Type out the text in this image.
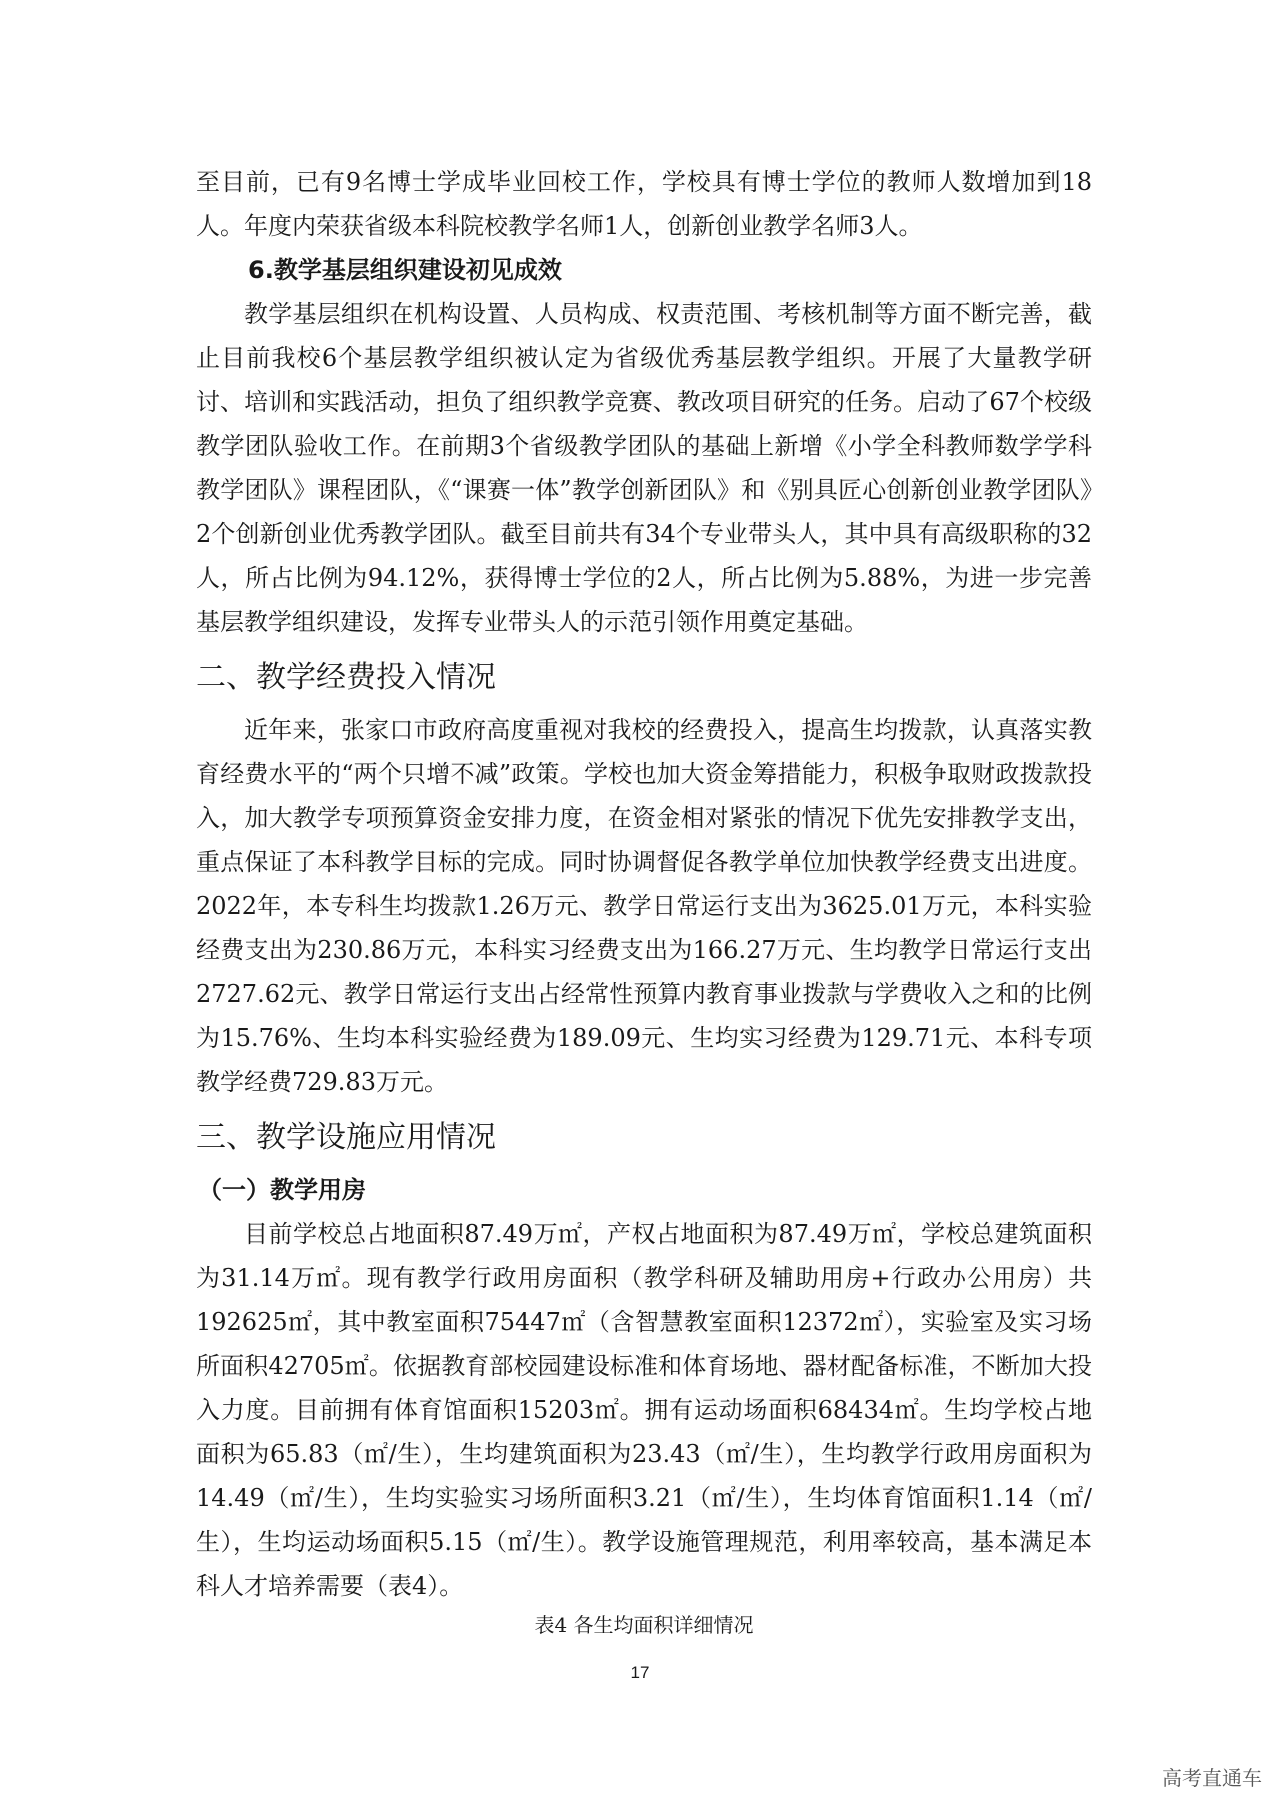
至目前，已有9名博士学成毕业回校工作，学校具有博士学位的教师人数增加到18人。年度内荣获省级本科院校教学名师1人，创新创业教学名师3人。

6.教学基层组织建设初见成效

教学基层组织在机构设置、人员构成、权责范围、考核机制等方面不断完善，截止目前我校6个基层教学组织被认定为省级优秀基层教学组织。开展了大量教学研讨、培训和实践活动，担负了组织教学竞赛、教改项目研究的任务。启动了67个校级教学团队验收工作。在前期3个省级教学团队的基础上新增《小学全科教师数学学科教学团队》课程团队，《“课赛一体”教学创新团队》和《别具匠心创新创业教学团队》2个创新创业优秀教学团队。截至目前共有34个专业带头人，其中具有高级职称的32人，所占比例为94.12%，获得博士学位的2人，所占比例为5.88%，为进一步完善基层教学组织建设，发挥专业带头人的示范引领作用奠定基础。

二、教学经费投入情况

近年来，张家口市政府高度重视对我校的经费投入，提高生均拨款，认真落实教育经费水平的“两个只增不减”政策。学校也加大资金筹措能力，积极争取财政拨款投入，加大教学专项预算资金安排力度，在资金相对紧张的情况下优先安排教学支出，重点保证了本科教学目标的完成。同时协调督促各教学单位加快教学经费支出进度。2022年，本专科生均拨款1.26万元、教学日常运行支出为3625.01万元，本科实验经费支出为230.86万元，本科实习经费支出为166.27万元、生均教学日常运行支出2727.62元、教学日常运行支出占经常性预算内教育事业拨款与学费收入之和的比例为15.76%、生均本科实验经费为189.09元、生均实习经费为129.71元、本科专项教学经费729.83万元。

三、教学设施应用情况

（一）教学用房

目前学校总占地面积87.49万㎡，产权占地面积为87.49万㎡，学校总建筑面积为31.14万㎡。现有教学行政用房面积（教学科研及辅助用房+行政办公用房）共192625㎡，其中教室面积75447㎡（含智慧教室面积12372㎡），实验室及实习场所面积42705㎡。依据教育部校园建设标准和体育场地、器材配备标准，不断加大投入力度。目前拥有体育馆面积15203㎡。拥有运动场面积68434㎡。生均学校占地面积为65.83（㎡/生），生均建筑面积为23.43（㎡/生），生均教学行政用房面积为14.49（㎡/生），生均实验实习场所面积3.21（㎡/生），生均体育馆面积1.14（㎡/生），生均运动场面积5.15（㎡/生）。教学设施管理规范，利用率较高，基本满足本科人才培养需要（表4）。

表4 各生均面积详细情况

17
高考直通车
